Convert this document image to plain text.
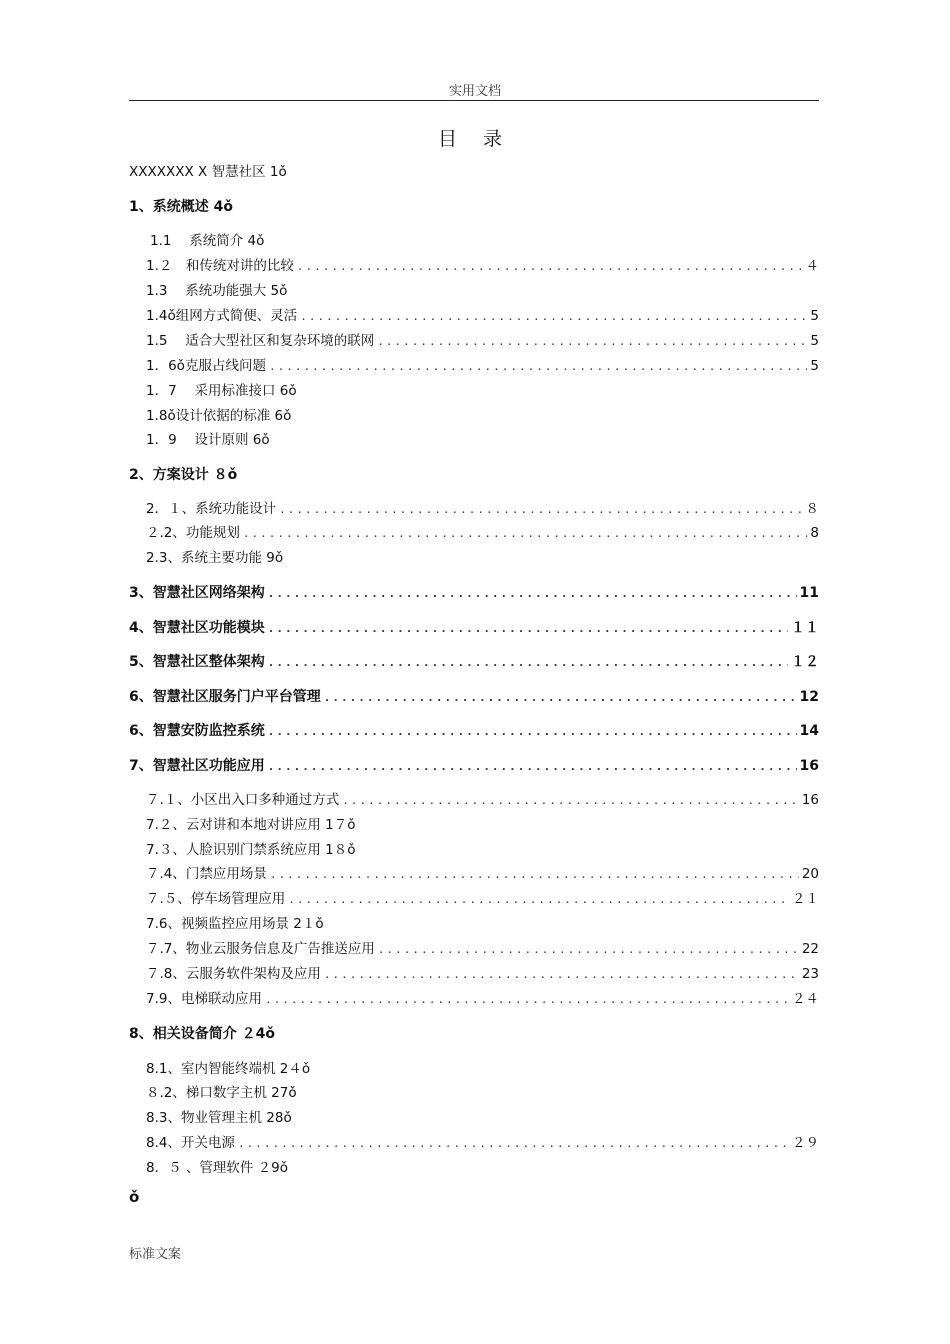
实用文档
目 录
XXXXXXX X 智慧社区 1ǒ
1、系统概述 4ǒ
1.1　 系统简介 4ǒ
1.２　和传统对讲的比较 .....	４
1.3　 系统功能强大 5ǒ
1.4ǒ组网方式简便、灵活 .....	5
1.5　 适合大型社区和复杂环境的联网 .....	5
1．6ǒ克服占线问题 .....	5
1．7　 采用标准接口 6ǒ
1.8ǒ设计依据的标准 6ǒ
1．9　 设计原则 6ǒ
2、方案设计 ８ǒ
2．１、系统功能设计 .....	８
２.2、功能规划 .....	8
2.3、系统主要功能 9ǒ
3、智慧社区网络架构 .....	11
4、智慧社区功能模块 .....	１１
5、智慧社区整体架构 .....	１２
6、智慧社区服务门户平台管理 .....	12
6、智慧安防监控系统 .....	14
7、智慧社区功能应用 .....	16
７.１、小区出入口多种通过方式 .....	16
7.２、云对讲和本地对讲应用 1７ǒ
7.３、人脸识别门禁系统应用 1８ǒ
７.4、门禁应用场景 .....	20
７.５、停车场管理应用 .....	２１
7.6、视频监控应用场景 2１ǒ
７.7、物业云服务信息及广告推送应用 .....	22
７.8、云服务软件架构及应用 .....	23
7.9、电梯联动应用 .....	２４
8、相关设备简介 ２4ǒ
8.1、室内智能终端机 2４ǒ
８.2、梯口数字主机 27ǒ
8.3、物业管理主机 28ǒ
8.4、开关电源 .....	２９
8．５ 、管理软件 ２9ǒ
ǒ
标准文案
